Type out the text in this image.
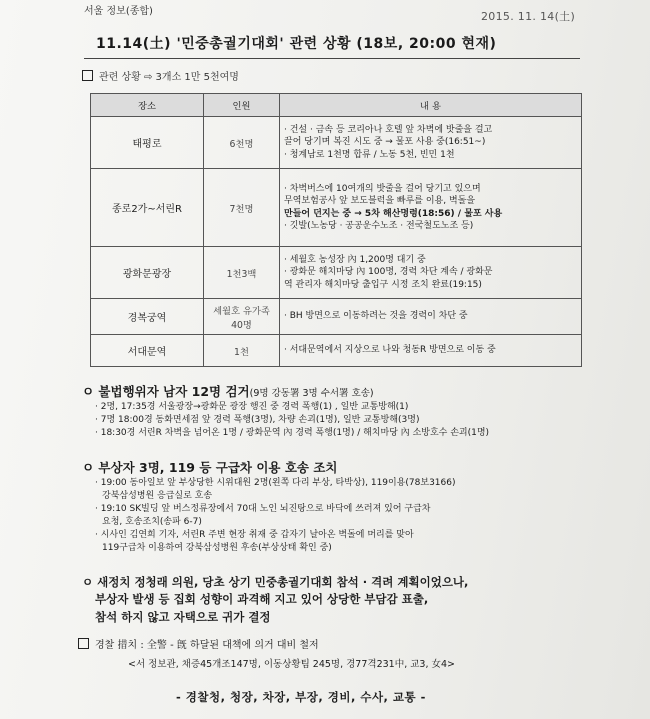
서울 정보(종합)	2015. 11. 14(土)
11.14(土) '민중총궐기대회' 관련 상황 (18보, 20:00 현재)
관련 상황 ⇨ 3개소 1만 5천여명
장소	인원	내 용
태평로	6천명	· 건설 · 금속 등 코리아나 호텔 앞 차벽에 밧줄을 걸고
끌어 당기며 복진 시도 중 → 물포 사용 중(16:51~)
· 청계남로 1천명 합류 / 노동 5천, 빈민 1천

종로2가~서린R	7천명	· 차벽버스에 10여개의 밧줄을 걸어 당기고 있으며
무역보험공사 앞 보도블럭을 빠루를 이용, 벽돌을
만들어 던지는 중 → 5차 해산명령(18:56) / 물포 사용
· 깃발(노농당 · 공공운수노조 · 전국철도노조 등)

광화문광장	1천3백	· 세월호 농성장 內 1,200명 대기 중
· 광화문 해치마당 內 100명, 경력 차단 계속 / 광화문
역 관리자 해치마당 출입구 시정 조치 완료(19:15)

경복궁역	세월호 유가족 40명	· BH 방면으로 이동하려는 것을 경력이 차단 중

서대문역	1천	· 서대문역에서 지상으로 나와 청동R 방면으로 이동 중
ㅇ 불법행위자 남자 12명 검거(9명 강동署 3명 수서署 호송)
· 2명, 17:35경 서울광장→광화문 광장 행진 중 경력 폭행(1) , 일반 교통방해(1)
· 7명 18:00경 동화면세점 앞 경력 폭행(3명), 차량 손괴(1명), 일반 교통방해(3명)
· 18:30경 서린R 차벽을 넘어온 1명 / 광화문역 內 경력 폭행(1명) / 해치마당 內 소방호수 손괴(1명)
ㅇ 부상자 3명, 119 등 구급차 이용 호송 조치
· 19:00 동아일보 앞 부상당한 시위대원 2명(왼쪽 다리 부상, 타박상), 119이용(78보3166)
강북삼성병원 응급실로 호송
· 19:10 SK빌딩 앞 버스정류장에서 70대 노인 뇌진탕으로 바닥에 쓰러져 있어 구급차
요청, 호송조치(송파 6-7)
· 시사인 김연희 기자, 서린R 주변 현장 취재 중 갑자기 날아온 벽돌에 머리를 맞아
119구급차 이용하여 강북삼성병원 후송(부상상태 확인 중)
ㅇ 새정치 정청래 의원, 당초 상기 민중총궐기대회 참석 · 격려 계획이었으나,
부상자 발생 등 집회 성향이 과격해 지고 있어 상당한 부담감 표출,
참석 하지 않고 자택으로 귀가 결정
경찰 措치 : 全警 - 旣 하달된 대책에 의거 대비 철저
<서 정보관, 채증45개조147명, 이동상황팀 245명, 경77격231中, 교3, 女4>
- 경찰청, 청장, 차장, 부장, 경비, 수사, 교통 -
